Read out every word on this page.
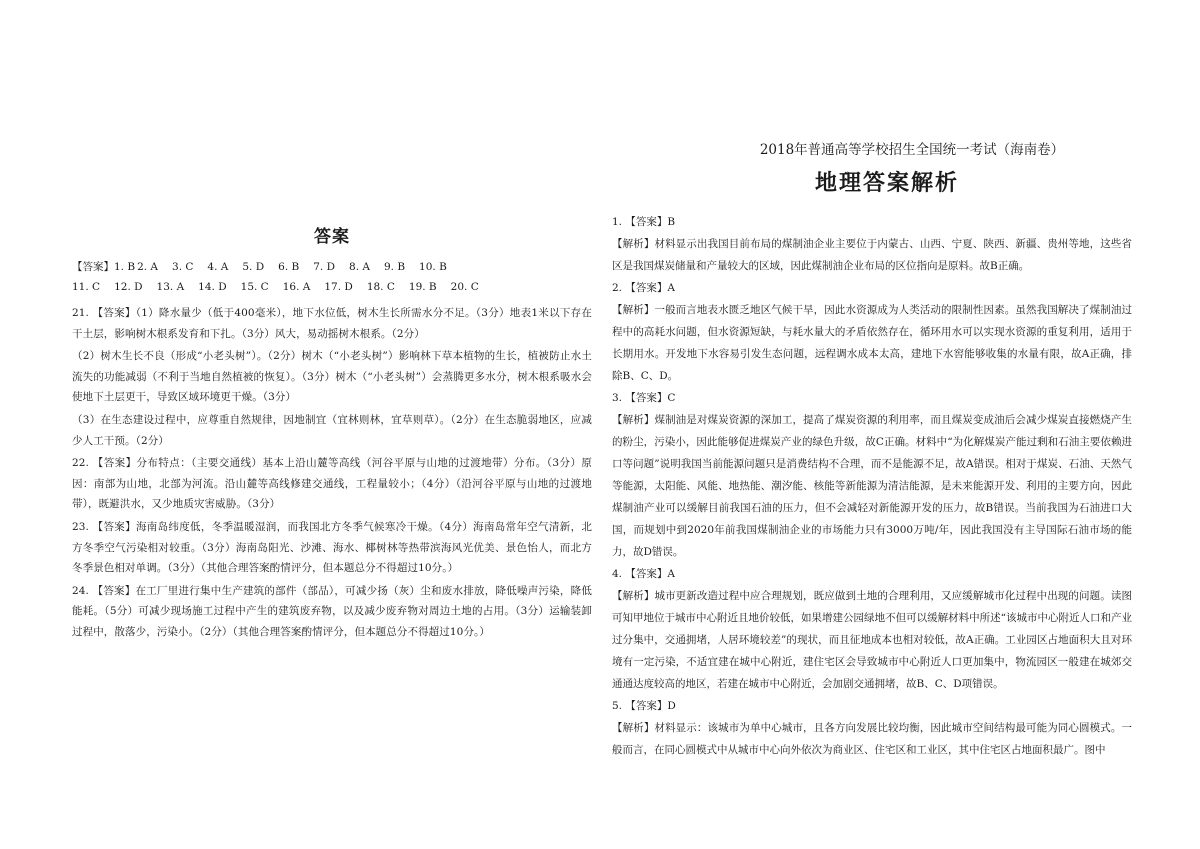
答案
【答案】1. B 2. A 3. C 4. A 5. D 6. B 7. D 8. A 9. B 10. B
11. C 12. D 13. A 14. D 15. C 16. A 17. D 18. C 19. B 20. C

21. 【答案】（1）降水量少（低于400毫米），地下水位低，树木生长所需水分不足。（3分）地表1米以下存在干土层，影响树木根系发育和下扎。（3分）风大，易动摇树木根系。（2分）

（2）树木生长不良（形成“小老头树”）。（2分）树木（“小老头树”）影响林下草本植物的生长，植被防止水土流失的功能减弱（不利于当地自然植被的恢复）。（3分）树木（“小老头树”）会蒸腾更多水分，树木根系吸水会使地下土层更干，导致区域环境更干燥。（3分）

（3）在生态建设过程中，应尊重自然规律，因地制宜（宜林则林，宜草则草）。（2分）在生态脆弱地区，应减少人工干预。（2分）

22. 【答案】分布特点：（主要交通线）基本上沿山麓等高线（河谷平原与山地的过渡地带）分布。（3分）原因：南部为山地，北部为河流。沿山麓等高线修建交通线，工程量较小；（4分）（沿河谷平原与山地的过渡地带），既避洪水，又少地质灾害威胁。（3分）

23. 【答案】海南岛纬度低，冬季温暖湿润，而我国北方冬季气候寒冷干燥。（4分）海南岛常年空气清新，北方冬季空气污染相对较重。（3分）海南岛阳光、沙滩、海水、椰树林等热带滨海风光优美、景色怡人，而北方冬季景色相对单调。（3分）（其他合理答案酌情评分，但本题总分不得超过10分。）

24. 【答案】在工厂里进行集中生产建筑的部件（部品），可减少扬（灰）尘和废水排放，降低噪声污染，降低能耗。（5分）可减少现场施工过程中产生的建筑废弃物，以及减少废弃物对周边土地的占用。（3分）运输装卸过程中，散落少，污染小。（2分）（其他合理答案酌情评分，但本题总分不得超过10分。）

2018年普通高等学校招生全国统一考试（海南卷）
地理答案解析

1. 【答案】B

【解析】材料显示出我国目前布局的煤制油企业主要位于内蒙古、山西、宁夏、陕西、新疆、贵州等地，这些省区是我国煤炭储量和产量较大的区域，因此煤制油企业布局的区位指向是原料。故B正确。

2. 【答案】A

【解析】一般而言地表水匮乏地区气候干旱，因此水资源成为人类活动的限制性因素。虽然我国解决了煤制油过程中的高耗水问题，但水资源短缺，与耗水量大的矛盾依然存在，循环用水可以实现水资源的重复利用，适用于长期用水。开发地下水容易引发生态问题，远程调水成本太高，建地下水窖能够收集的水量有限，故A正确，排除B、C、D。

3. 【答案】C

【解析】煤制油是对煤炭资源的深加工，提高了煤炭资源的利用率，而且煤炭变成油后会减少煤炭直接燃烧产生的粉尘，污染小，因此能够促进煤炭产业的绿色升级，故C正确。材料中“为化解煤炭产能过剩和石油主要依赖进口等问题”说明我国当前能源问题只是消费结构不合理，而不是能源不足，故A错误。相对于煤炭、石油、天然气等能源，太阳能、风能、地热能、潮汐能、核能等新能源为清洁能源，是未来能源开发、利用的主要方向，因此煤制油产业可以缓解目前我国石油的压力，但不会减轻对新能源开发的压力，故B错误。当前我国为石油进口大国，而规划中到2020年前我国煤制油企业的市场能力只有3000万吨/年，因此我国没有主导国际石油市场的能力，故D错误。

4. 【答案】A

【解析】城市更新改造过程中应合理规划，既应做到土地的合理利用，又应缓解城市化过程中出现的问题。读图可知甲地位于城市中心附近且地价较低，如果增建公园绿地不但可以缓解材料中所述“该城市中心附近人口和产业过分集中，交通拥堵，人居环境较差”的现状，而且征地成本也相对较低，故A正确。工业园区占地面积大且对环境有一定污染，不适宜建在城中心附近，建住宅区会导致城市中心附近人口更加集中，物流园区一般建在城郊交通通达度较高的地区，若建在城市中心附近，会加剧交通拥堵，故B、C、D项错误。

5. 【答案】D

【解析】材料显示：该城市为单中心城市，且各方向发展比较均衡，因此城市空间结构最可能为同心圆模式。一般而言，在同心圆模式中从城市中心向外依次为商业区、住宅区和工业区，其中住宅区占地面积最广。图中
